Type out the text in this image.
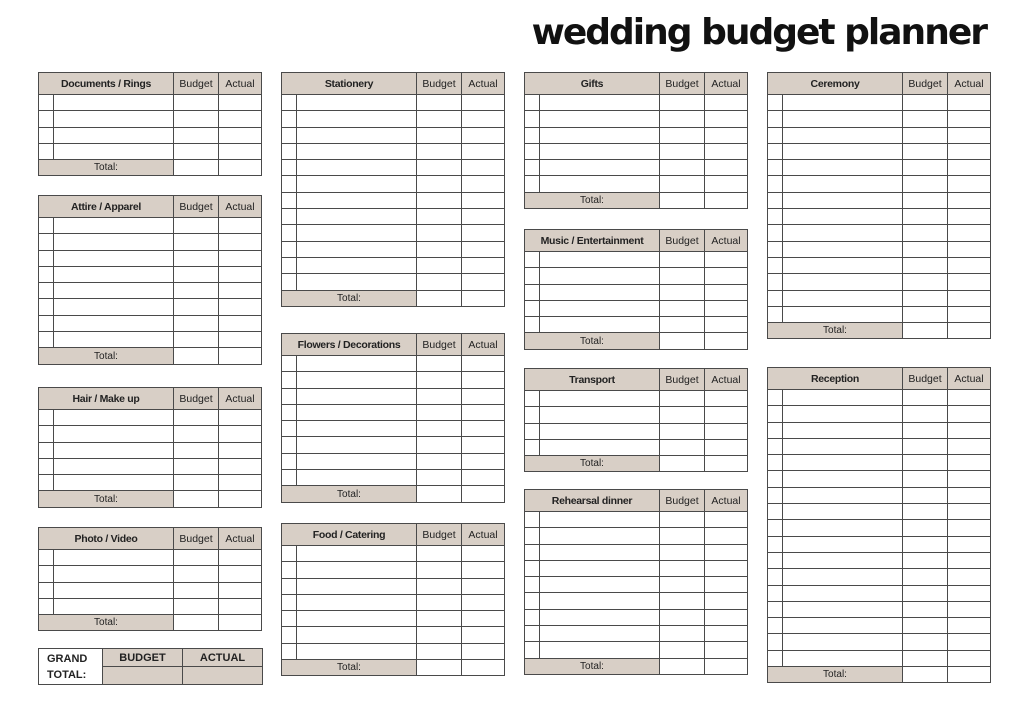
wedding budget planner
Documents / Rings		Budget	Actual

Total:			
Attire / Apparel		Budget	Actual

Total:			
Hair / Make up		Budget	Actual

Total:			
Photo / Video		Budget	Actual

Total:			
Stationery		Budget	Actual

Total:			
Flowers / Decorations		Budget	Actual

Total:			
Food / Catering		Budget	Actual

Total:			
Gifts		Budget	Actual

Total:			
Music / Entertainment		Budget	Actual

Total:			
Transport		Budget	Actual

Total:			
Rehearsal dinner		Budget	Actual

Total:			
Ceremony		Budget	Actual

Total:			
Reception		Budget	Actual

Total:			
GRAND
TOTAL:	BUDGET	ACTUAL
